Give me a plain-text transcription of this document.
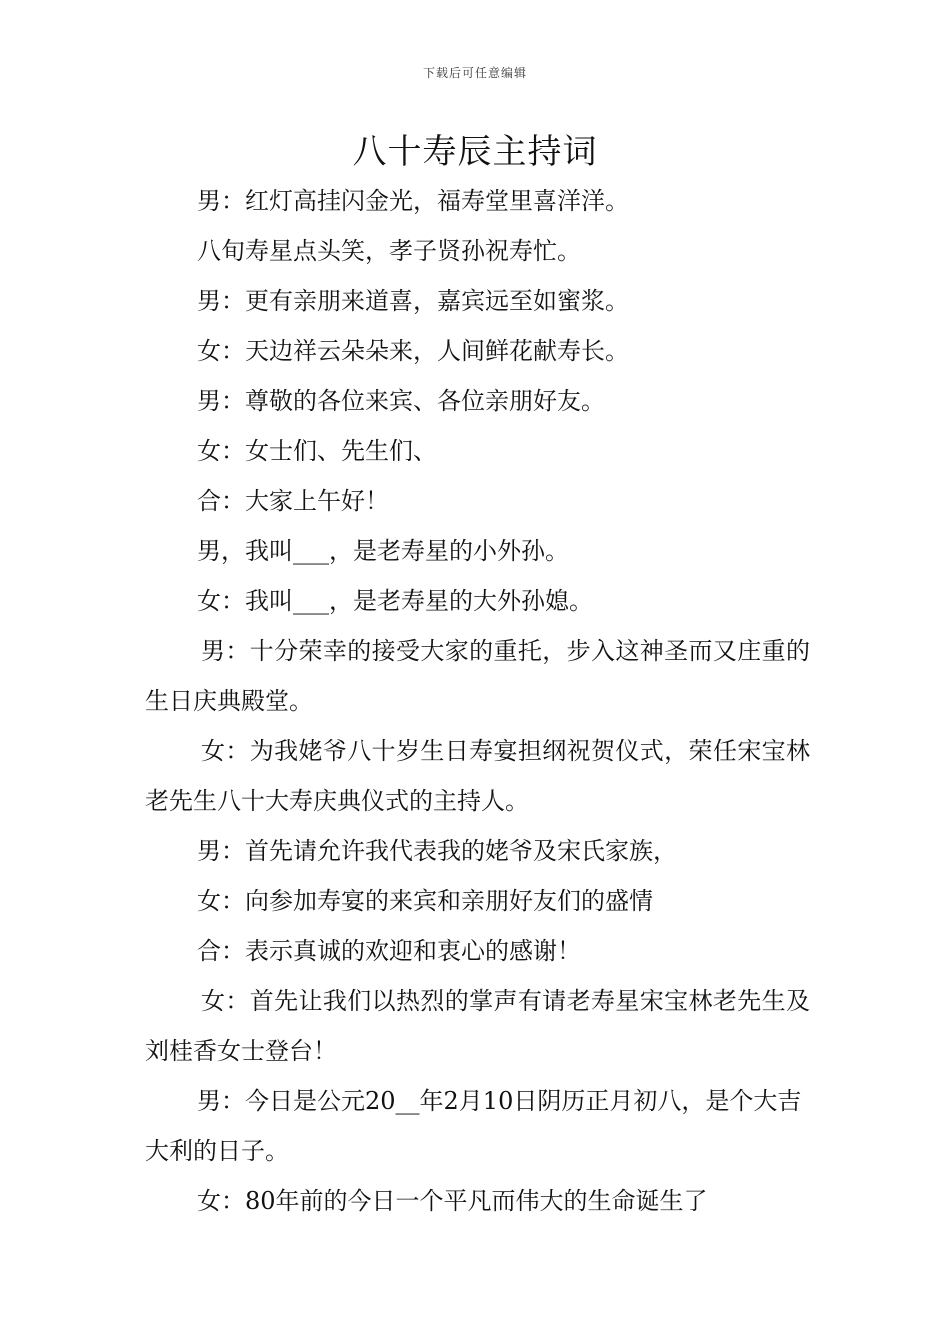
下载后可任意编辑
八十寿辰主持词

男：红灯高挂闪金光，福寿堂里喜洋洋。

八旬寿星点头笑，孝子贤孙祝寿忙。

男：更有亲朋来道喜，嘉宾远至如蜜浆。

女：天边祥云朵朵来，人间鲜花献寿长。

男：尊敬的各位来宾、各位亲朋好友。

女：女士们、先生们、

合：大家上午好！

男，我叫___，是老寿星的小外孙。

女：我叫___，是老寿星的大外孙媳。

男：十分荣幸的接受大家的重托，步入这神圣而又庄重的生日庆典殿堂。

女：为我姥爷八十岁生日寿宴担纲祝贺仪式，荣任宋宝林老先生八十大寿庆典仪式的主持人。

男：首先请允许我代表我的姥爷及宋氏家族，

女：向参加寿宴的来宾和亲朋好友们的盛情

合：表示真诚的欢迎和衷心的感谢！

女：首先让我们以热烈的掌声有请老寿星宋宝林老先生及刘桂香女士登台！

男：今日是公元20__年2月10日阴历正月初八，是个大吉大利的日子。

女：80年前的今日一个平凡而伟大的生命诞生了
